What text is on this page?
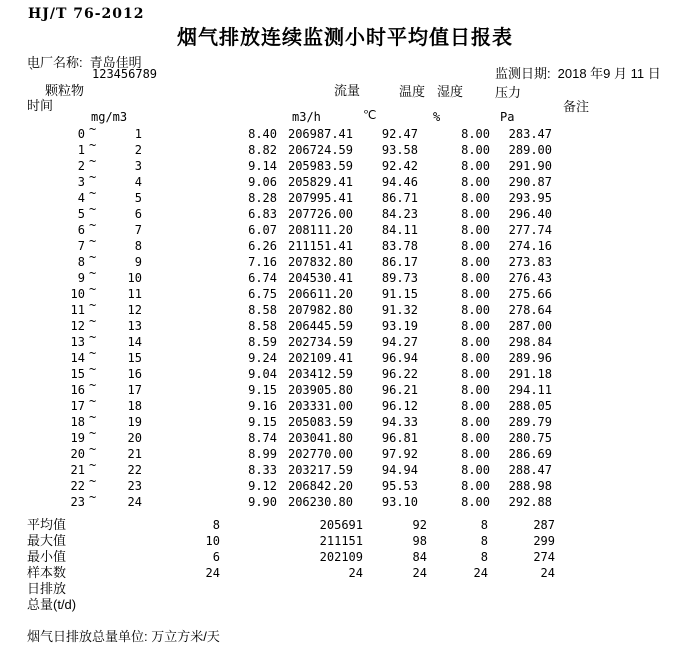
HJ/T 76-2012
烟气排放连续监测小时平均值日报表
电厂名称: 青岛佳明
`	123456789	监测日期: 2018 年9 月 11 日
颗粒物	流量	温度 湿度 压力
时间	备注
mg/m3	m3/h	℃	%	Pa
0 ~	1	8.40 206987.41	92.47	8.00	283.47
1 ~	2	8.82 206724.59	93.58	8.00	289.00
2 ~	3	9.14 205983.59	92.42	8.00	291.90
3 ~	4	9.06 205829.41	94.46	8.00	290.87
4 ~	5	8.28 207995.41	86.71	8.00	293.95
5 ~	6	6.83 207726.00	84.23	8.00	296.40
6 ~	7	6.07 208111.20	84.11	8.00	277.74
7 ~	8	6.26 211151.41	83.78	8.00	274.16
8 ~	9	7.16 207832.80	86.17	8.00	273.83
9 ~	10	6.74 204530.41	89.73	8.00	276.43
10 ~	11	6.75 206611.20	91.15	8.00	275.66
11 ~	12	8.58 207982.80	91.32	8.00	278.64
12 ~	13	8.58 206445.59	93.19	8.00	287.00
13 ~	14	8.59 202734.59	94.27	8.00	298.84
14 ~	15	9.24 202109.41	96.94	8.00	289.96
15 ~	16	9.04 203412.59	96.22	8.00	291.18
16 ~	17	9.15 203905.80	96.21	8.00	294.11
17 ~	18	9.16 203331.00	96.12	8.00	288.05
18 ~	19	9.15 205083.59	94.33	8.00	289.79
19 ~	20	8.74 203041.80	96.81	8.00	280.75
20 ~	21	8.99 202770.00	97.92	8.00	286.69
21 ~	22	8.33 203217.59	94.94	8.00	288.47
22 ~	23	9.12 206842.20	95.53	8.00	288.98
23 ~	24	9.90 206230.80	93.10	8.00	292.88
平均值	8	205691	92	8	287
最大值	10	211151	98	8	299
最小值	6	202109	84	8	274
样本数	24	24	24	24	24
日排放
总量(t/d)
烟气日排放总量单位: 万立方米/天
